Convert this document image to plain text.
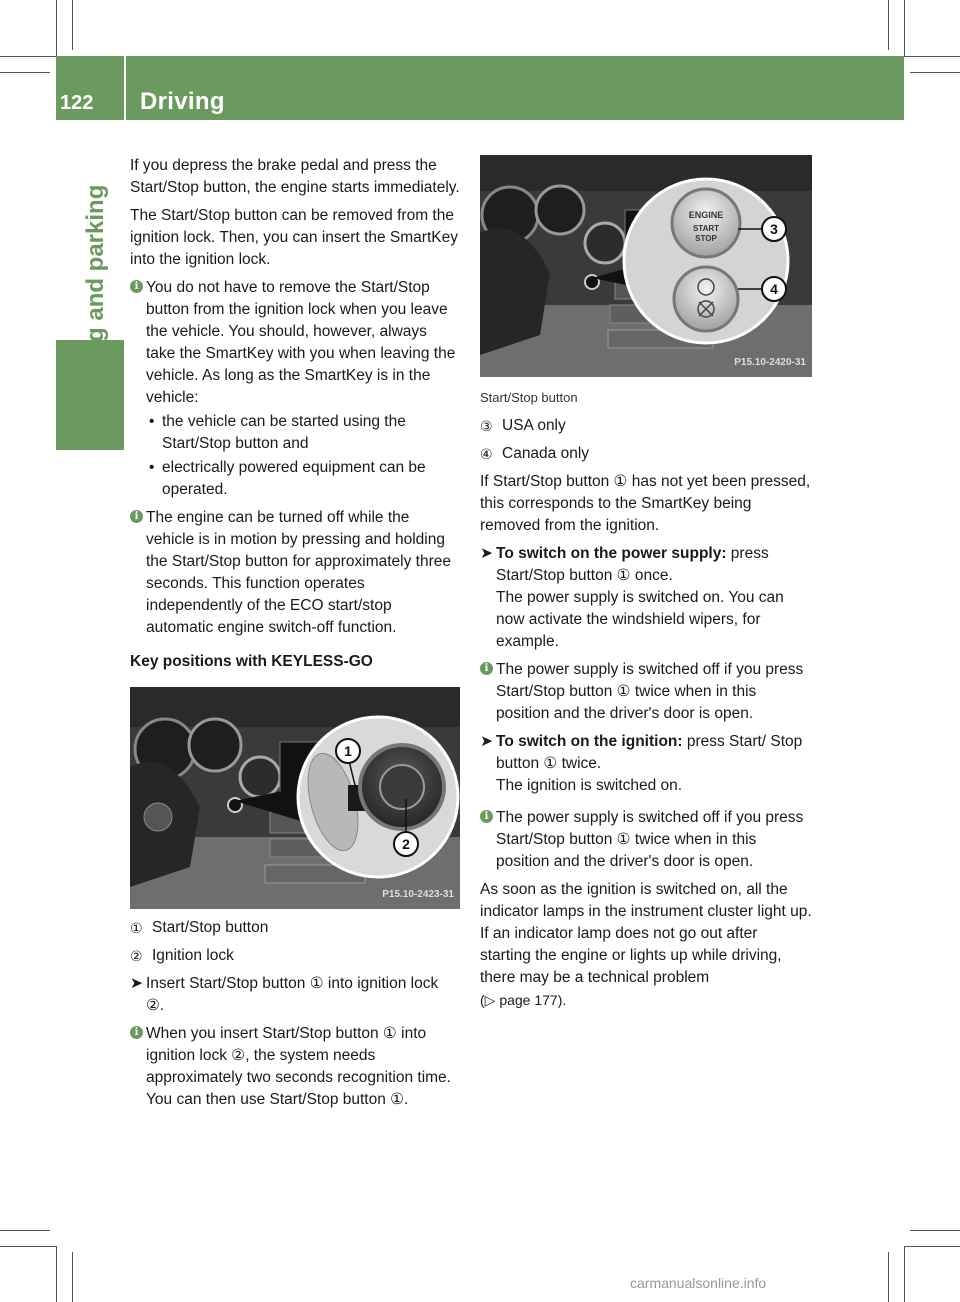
122	Driving
Driving and parking

If you depress the brake pedal and press the Start/Stop button, the engine starts immediately.

The Start/Stop button can be removed from the ignition lock. Then, you can insert the SmartKey into the ignition lock.

i You do not have to remove the Start/Stop button from the ignition lock when you leave the vehicle. You should, however, always take the SmartKey with you when leaving the vehicle. As long as the SmartKey is in the vehicle:
• the vehicle can be started using the Start/Stop button and
• electrically powered equipment can be operated.
i The engine can be turned off while the vehicle is in motion by pressing and holding the Start/Stop button for approximately three seconds. This function operates independently of the ECO start/stop automatic engine switch-off function.
Key positions with KEYLESS-GO
1
2
P15.10-2423-31
① Start/Stop button
② Ignition lock
➤ Insert Start/Stop button ① into ignition lock ②.
i When you insert Start/Stop button ① into ignition lock ②, the system needs approximately two seconds recognition time. You can then use Start/Stop button ①.
ENGINE
START
STOP
3
4
P15.10-2420-31
Start/Stop button
③ USA only
④ Canada only

If Start/Stop button ① has not yet been pressed, this corresponds to the SmartKey being removed from the ignition.

➤ To switch on the power supply: press Start/Stop button ① once.
The power supply is switched on. You can now activate the windshield wipers, for example.
i The power supply is switched off if you press Start/Stop button ① twice when in this position and the driver's door is open.
➤ To switch on the ignition: press Start/ Stop button ① twice.
The ignition is switched on.
i The power supply is switched off if you press Start/Stop button ① twice when in this position and the driver's door is open.

As soon as the ignition is switched on, all the indicator lamps in the instrument cluster light up. If an indicator lamp does not go out after starting the engine or lights up while driving, there may be a technical problem
(▷ page 177).

carmanualsonline.info
